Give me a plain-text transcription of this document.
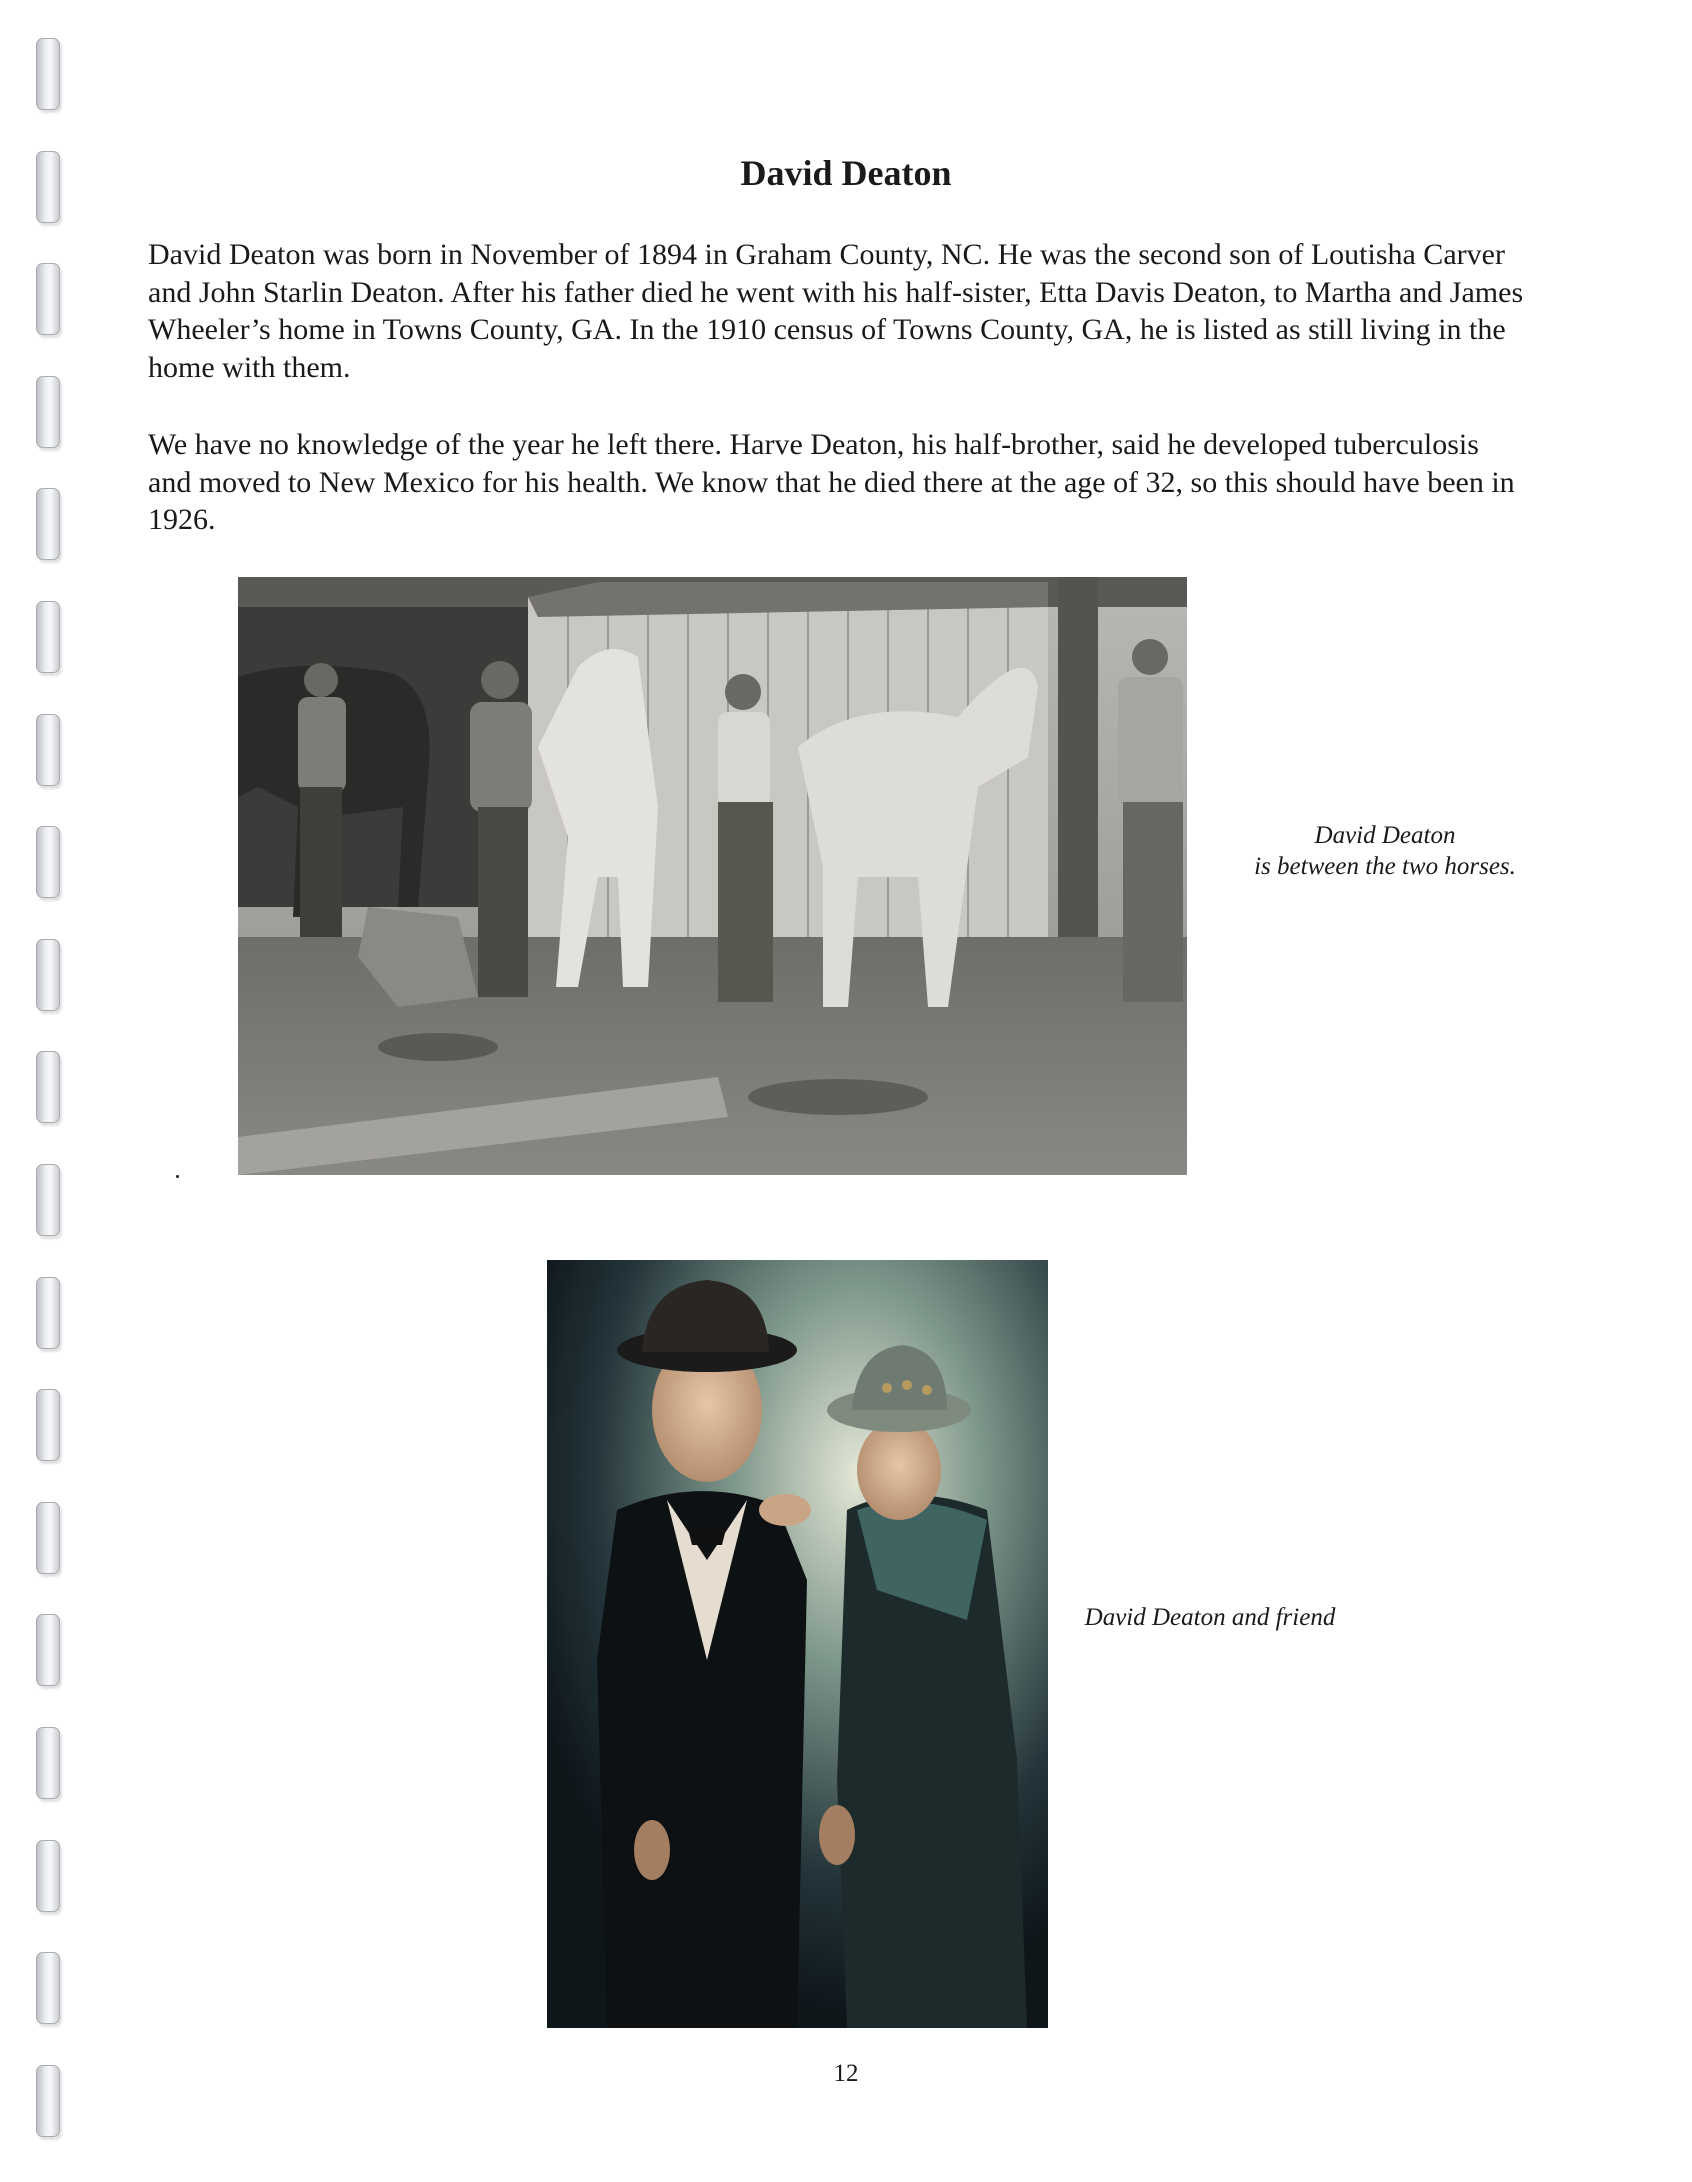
David Deaton

David Deaton was born in November of 1894 in Graham County, NC. He was the second son of Loutisha Carver and John Starlin Deaton. After his father died he went with his half-sister, Etta Davis Deaton, to Martha and James Wheeler’s home in Towns County, GA. In the 1910 census of Towns County, GA, he is listed as still living in the home with them.

We have no knowledge of the year he left there. Harve Deaton, his half-brother, said he developed tuberculosis and moved to New Mexico for his health. We know that he died there at the age of 32, so this should have been in 1926.

David Deaton
is between the two horses.
David Deaton and friend
12
